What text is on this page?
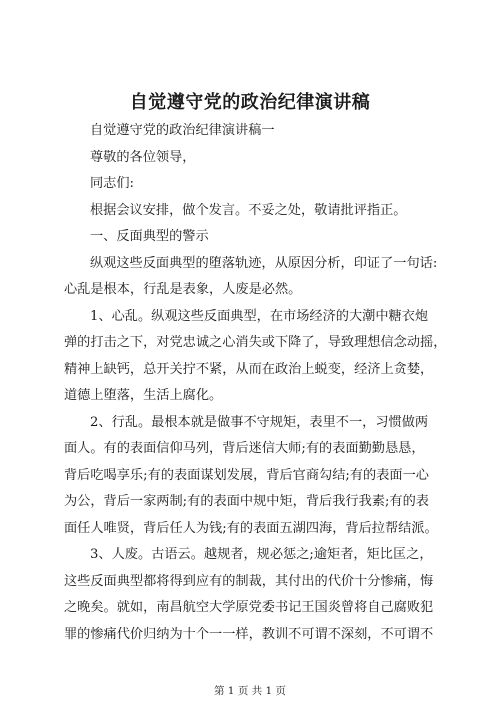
自觉遵守党的政治纪律演讲稿

自觉遵守党的政治纪律演讲稿一

尊敬的各位领导，

同志们:

根据会议安排，做个发言。不妥之处，敬请批评指正。

一、反面典型的警示

纵观这些反面典型的堕落轨迹，从原因分析，印证了一句话:

心乱是根本，行乱是表象，人废是必然。

1、心乱。纵观这些反面典型，在市场经济的大潮中糖衣炮

弹的打击之下，对党忠诚之心消失或下降了，导致理想信念动摇，

精神上缺钙，总开关拧不紧，从而在政治上蜕变，经济上贪婪，

道德上堕落，生活上腐化。

2、行乱。最根本就是做事不守规矩，表里不一，习惯做两

面人。有的表面信仰马列，背后迷信大师;有的表面勤勤恳恳，

背后吃喝享乐;有的表面谋划发展，背后官商勾结;有的表面一心

为公，背后一家两制;有的表面中规中矩，背后我行我素;有的表

面任人唯贤，背后任人为钱;有的表面五湖四海，背后拉帮结派。

3、人废。古语云。越规者，规必惩之;逾矩者，矩比匡之，

这些反面典型都将得到应有的制裁，其付出的代价十分惨痛，悔

之晚矣。就如，南昌航空大学原党委书记王国炎曾将自己腐败犯

罪的惨痛代价归纳为十个一一样，教训不可谓不深刻，不可谓不

第 1 页 共 1 页
